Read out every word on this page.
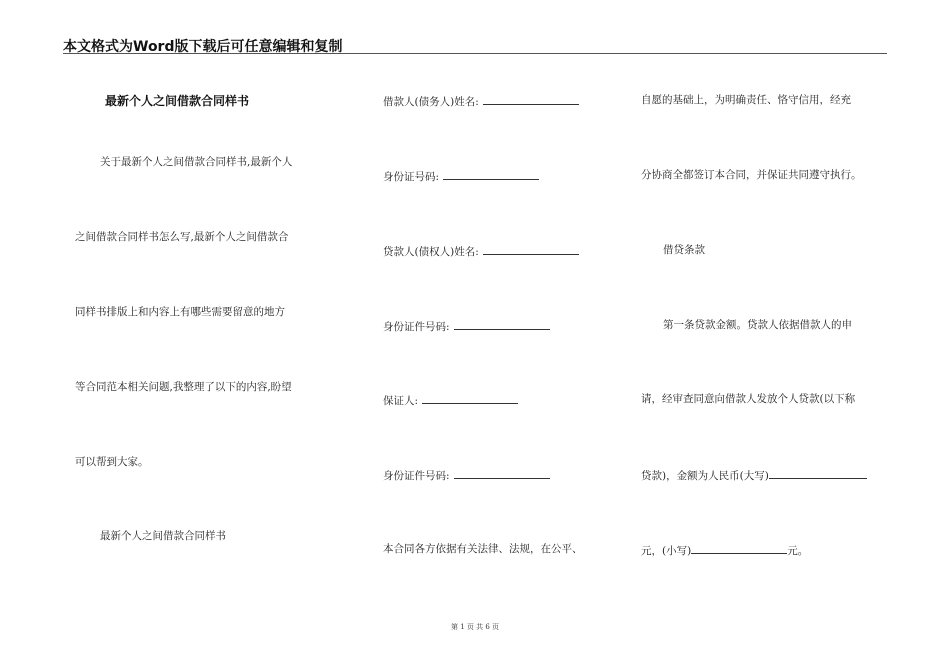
本文格式为Word版下载后可任意编辑和复制
最新个人之间借款合同样书
关于最新个人之间借款合同样书,最新个人
之间借款合同样书怎么写,最新个人之间借款合
同样书排版上和内容上有哪些需要留意的地方
等合同范本相关问题,我整理了以下的内容,盼望
可以帮到大家。
最新个人之间借款合同样书
借款人(债务人)姓名:
身份证号码:
贷款人(债权人)姓名:
身份证件号码:
保证人:
身份证件号码:
本合同各方依据有关法律、法规，在公平、
自愿的基础上，为明确责任、恪守信用，经充
分协商全都签订本合同，并保证共同遵守执行。
借贷条款
第一条贷款金额。贷款人依据借款人的申
请，经审查同意向借款人发放个人贷款(以下称
贷款)，金额为人民币(大写)
元，(小写)	元。
第 1 页 共 6 页
